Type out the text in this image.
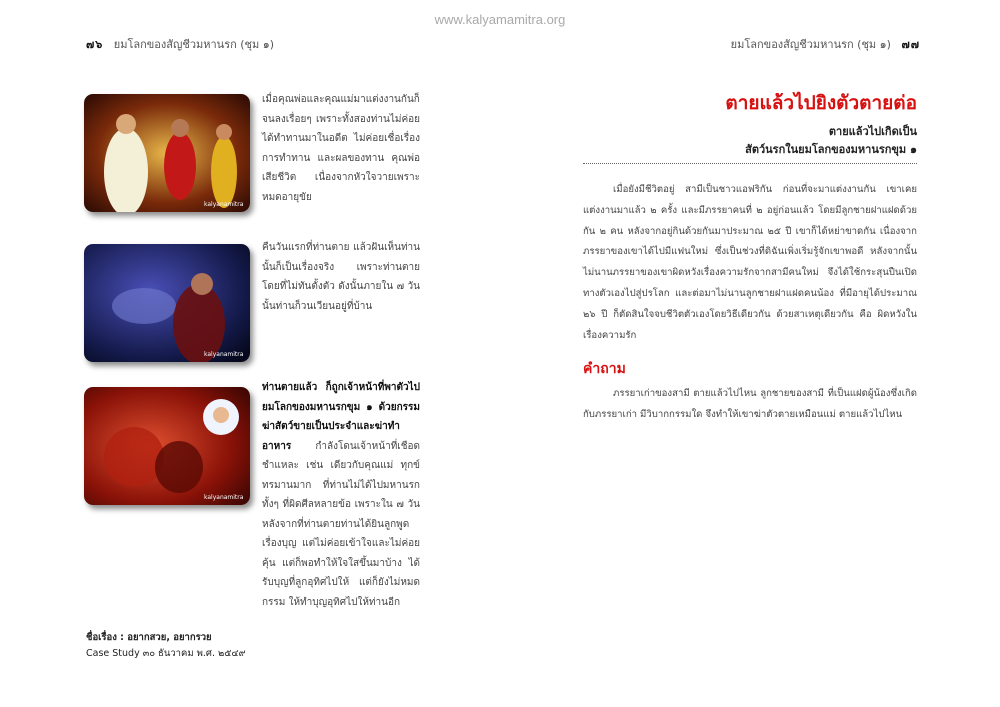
www.kalyamamitra.org
๗๖ ยมโลกของสัญชีวมหานรก (ชุม ๑)	ยมโลกของสัญชีวมหานรก (ชุม ๑) ๗๗
kalyanamitra
เมื่อคุณพ่อและคุณแม่มาแต่งงานกันก็จนลงเรื่อยๆ เพราะทั้งสองท่านไม่ค่อยได้ทำทานมาในอดีต ไม่ค่อยเชื่อเรื่องการทำทาน และผลของทาน คุณพ่อเสียชีวิต เนื่องจากหัวใจวายเพราะหมดอายุขัย
kalyanamitra
คืนวันแรกที่ท่านตาย แล้วฝันเห็นท่าน นั้นก็เป็นเรื่องจริง เพราะท่านตายโดยที่ไม่ทันตั้งตัว ดังนั้นภายใน ๗ วันนั้นท่านก็วนเวียนอยู่ที่บ้าน
kalyanamitra
ท่านตายแล้ว ก็ถูกเจ้าหน้าที่พาตัวไปยมโลกของมหานรกขุม ๑ ด้วยกรรมฆ่าสัตว์ขายเป็นประจำและฆ่าทำอาหาร กำลังโดนเจ้าหน้าที่เชือด ชำแหละ เช่น เดียวกับคุณแม่ ทุกข์ทรมานมาก ที่ท่านไม่ได้ไปมหานรกทั้งๆ ที่ผิดศีลหลายข้อ เพราะใน ๗ วัน หลังจากที่ท่านตายท่านได้ยินลูกพูดเรื่องบุญ แต่ไม่ค่อยเข้าใจและไม่ค่อยคุ้น แต่ก็พอทำให้ใจใสขึ้นมาบ้าง ได้รับบุญที่ลูกอุทิศไปให้ แต่ก็ยังไม่หมดกรรม ให้ทำบุญอุทิศไปให้ท่านอีก
ชื่อเรื่อง : อยากสวย, อยากรวย
Case Study ๓๐ ธันวาคม พ.ศ. ๒๕๔๙
ตายแล้วไปยิงตัวตายต่อ
ตายแล้วไปเกิดเป็น
สัตว์นรกในยมโลกของมหานรกขุม ๑
เมื่อยังมีชีวิตอยู่ สามีเป็นชาวแอฟริกัน ก่อนที่จะมาแต่งงานกัน เขาเคยแต่งงานมาแล้ว ๒ ครั้ง และมีภรรยาคนที่ ๒ อยู่ก่อนแล้ว โดยมีลูกชายฝาแฝดด้วยกัน ๒ คน หลังจากอยู่กินด้วยกันมาประมาณ ๒๕ ปี เขาก็ได้หย่าขาดกัน เนื่องจากภรรยาของเขาได้ไปมีแฟนใหม่ ซึ่งเป็นช่วงที่ดิฉันเพิ่งเริ่มรู้จักเขาพอดี หลังจากนั้นไม่นานภรรยาของเขาผิดหวังเรื่องความรักจากสามีคนใหม่ จึงได้ใช้กระสุนปืนเปิดทางตัวเองไปสู่ปรโลก และต่อมาไม่นานลูกชายฝาแฝดคนน้อง ที่มีอายุได้ประมาณ ๒๖ ปี ก็ตัดสินใจจบชีวิตตัวเองโดยวิธีเดียวกัน ด้วยสาเหตุเดียวกัน คือ ผิดหวังในเรื่องความรัก
คำถาม
ภรรยาเก่าของสามี ตายแล้วไปไหน ลูกชายของสามี ที่เป็นแฝดผู้น้องซึ่งเกิดกับภรรยาเก่า มีวิบากกรรมใด จึงทำให้เขาฆ่าตัวตายเหมือนแม่ ตายแล้วไปไหน
